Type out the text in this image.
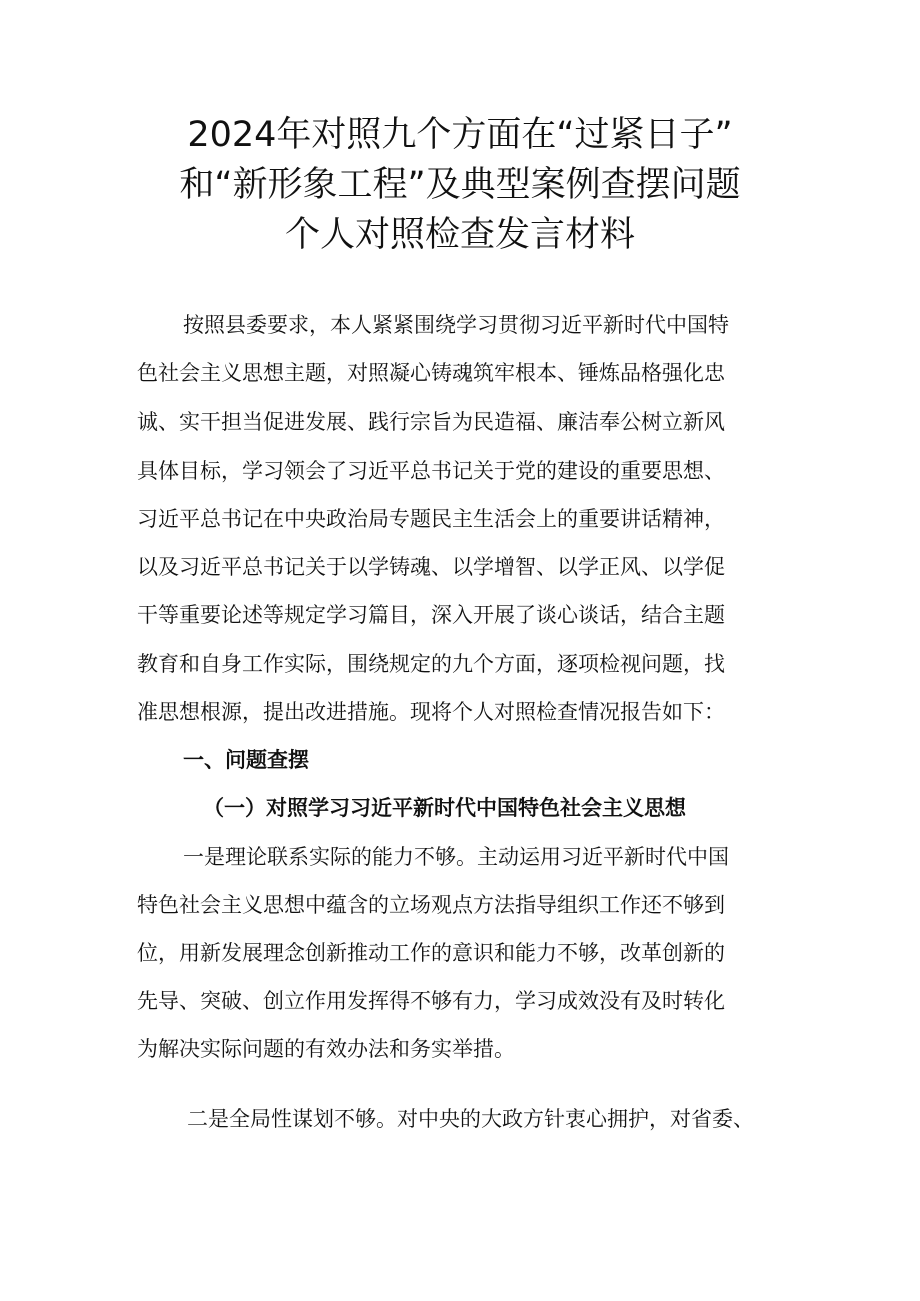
2024年对照九个方面在“过紧日子”
和“新形象工程”及典型案例查摆问题
个人对照检查发言材料
按照县委要求，本人紧紧围绕学习贯彻习近平新时代中国特
色社会主义思想主题，对照凝心铸魂筑牢根本、锤炼品格强化忠
诚、实干担当促进发展、践行宗旨为民造福、廉洁奉公树立新风
具体目标，学习领会了习近平总书记关于党的建设的重要思想、
习近平总书记在中央政治局专题民主生活会上的重要讲话精神，
以及习近平总书记关于以学铸魂、以学增智、以学正风、以学促
干等重要论述等规定学习篇目，深入开展了谈心谈话，结合主题
教育和自身工作实际，围绕规定的九个方面，逐项检视问题，找
准思想根源，提出改进措施。现将个人对照检查情况报告如下：
一、问题查摆
（一）对照学习习近平新时代中国特色社会主义思想
一是理论联系实际的能力不够。主动运用习近平新时代中国
特色社会主义思想中蕴含的立场观点方法指导组织工作还不够到
位，用新发展理念创新推动工作的意识和能力不够，改革创新的
先导、突破、创立作用发挥得不够有力，学习成效没有及时转化
为解决实际问题的有效办法和务实举措。
二是全局性谋划不够。对中央的大政方针衷心拥护，对省委、
